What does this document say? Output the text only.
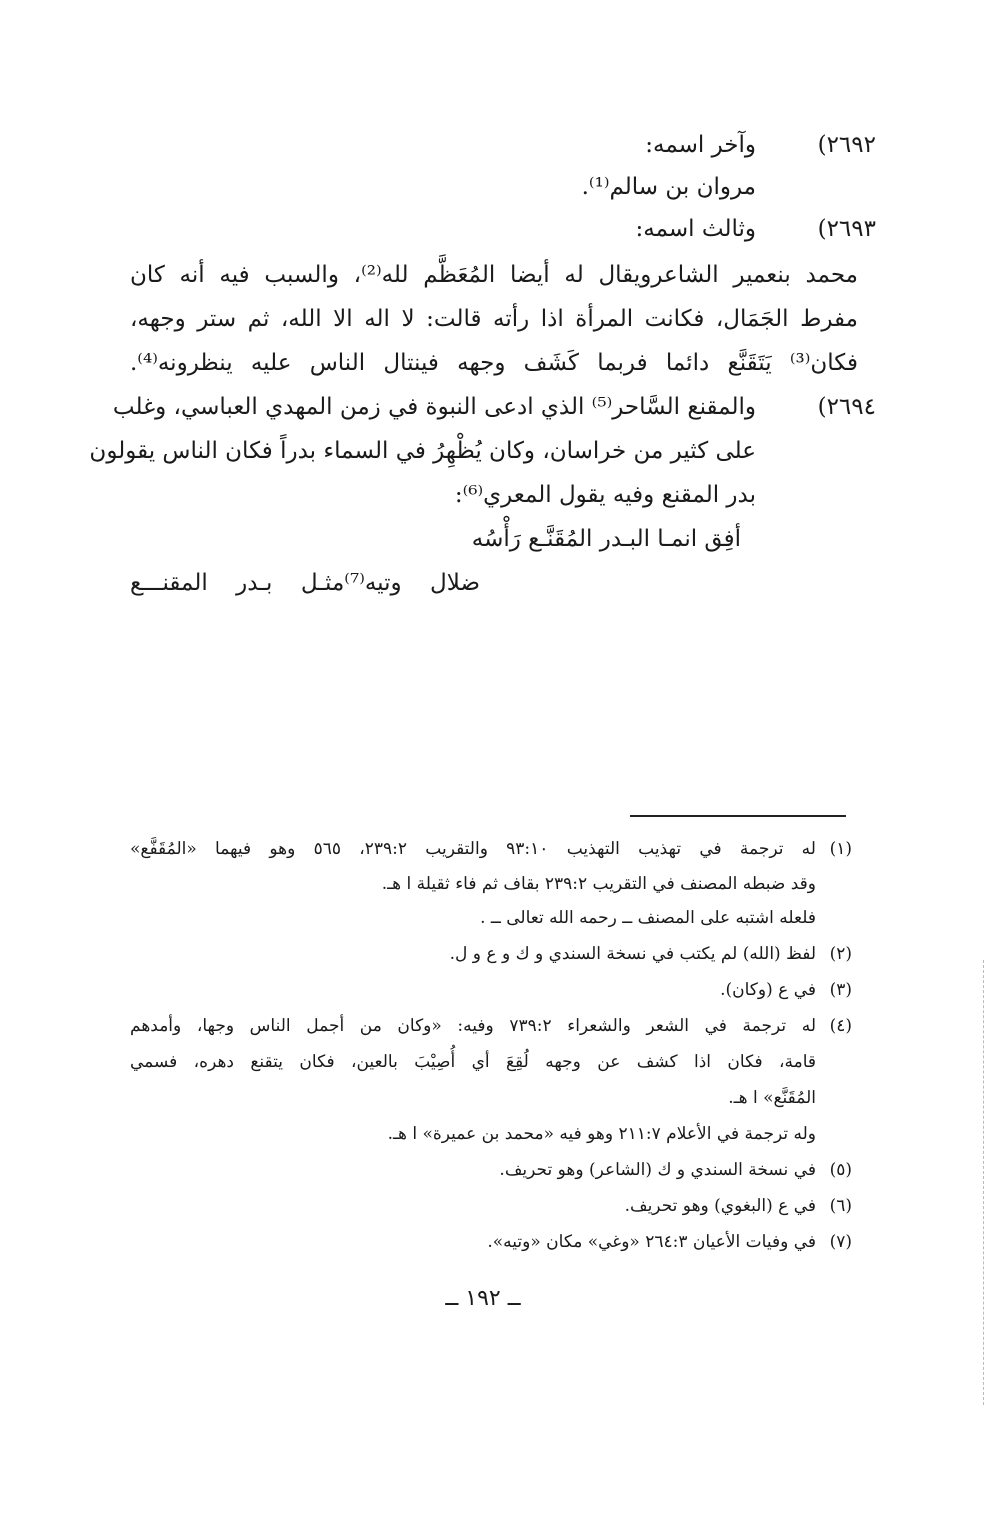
٢٦٩٢)
وآخر اسمه:
مروان بن سالم⁽¹⁾.
٢٦٩٣)
وثالث اسمه:
محمد بنعمير الشاعرويقال له أيضا المُعَظَّم لله⁽²⁾، والسبب فيه أنه كان
مفرط الجَمَال، فكانت المرأة اذا رأته قالت: لا اله الا الله، ثم ستر وجهه،
فكان⁽³⁾ يَتَقَنَّع دائما فربما كَشَف وجهه فينتال الناس عليه ينظرونه⁽⁴⁾.
٢٦٩٤)
والمقنع السَّاحر⁽⁵⁾ الذي ادعى النبوة في زمن المهدي العباسي، وغلب
على كثير من خراسان، وكان يُظْهِرُ في السماء بدراً فكان الناس يقولون
بدر المقنع وفيه يقول المعري⁽⁶⁾:
أفِق انمـا البـدر المُقَنَّـع رَأْسُه
ضلال وتيه⁽⁷⁾مثـل بـدر المقنـــع
(١)
له ترجمة في تهذيب التهذيب ٩٣:١٠ والتقريب ٢٣٩:٢، ٥٦٥ وهو فيهما «المُقَفَّع»
وقد ضبطه المصنف في التقريب ٢٣٩:٢ بقاف ثم فاء ثقيلة ا هـ.
فلعله اشتبه على المصنف ــ رحمه الله تعالى ــ .
(٢)
لفظ (الله) لم يكتب في نسخة السندي و ك و ع و ل.
(٣)
في ع (وكان).
(٤)
له ترجمة في الشعر والشعراء ٧٣٩:٢ وفيه: «وكان من أجمل الناس وجها، وأمدهم
قامة، فكان اذا كشف عن وجهه لُقِعَ أي أُصِيْبَ بالعين، فكان يتقنع دهره، فسمي
المُقَنَّع» ا هـ.
وله ترجمة في الأعلام ٢١١:٧ وهو فيه «محمد بن عميرة» ا هـ.
(٥)
في نسخة السندي و ك (الشاعر) وهو تحريف.
(٦)
في ع (البغوي) وهو تحريف.
(٧)
في وفيات الأعيان ٢٦٤:٣ «وغي» مكان «وتيه».
ــ ١٩٢ ــ
